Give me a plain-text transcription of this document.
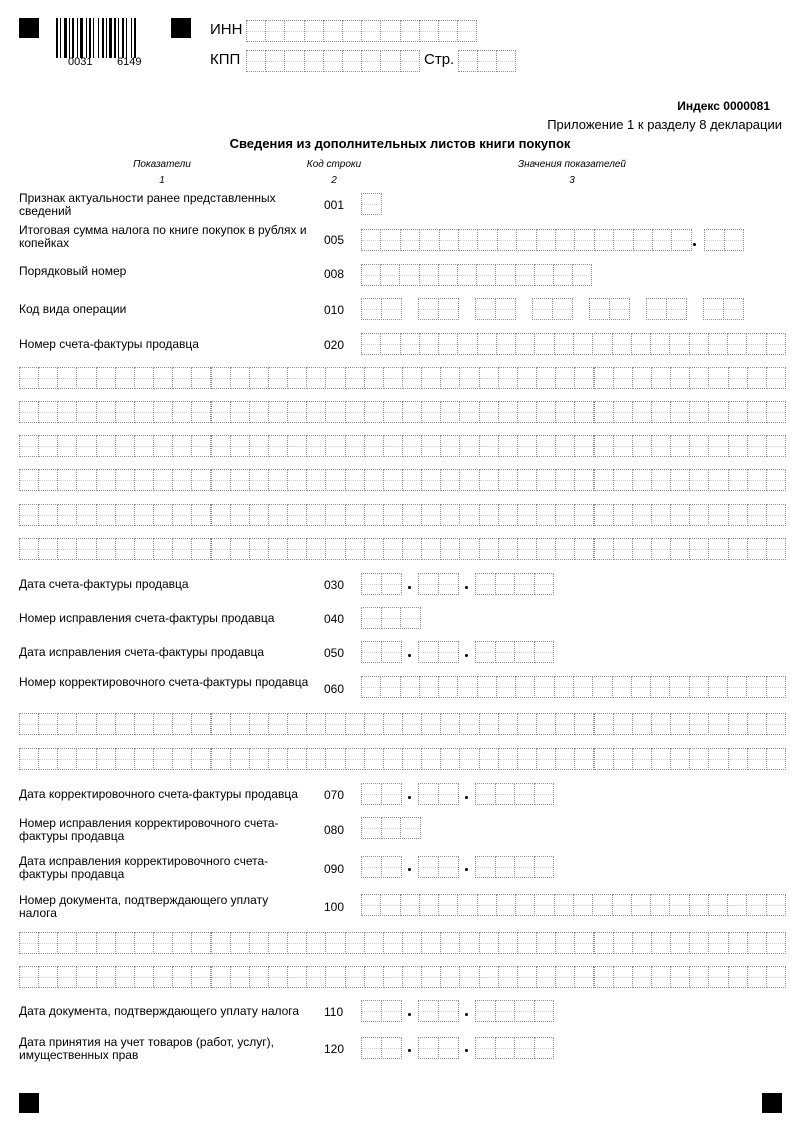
0031 6149
ИНН
КПП	Стр.
Индекс 0000081
Приложение 1 к разделу 8 декларации
Сведения из дополнительных листов книги покупок
Показатели	Код строки	Значения показателей
1	2	3
Признак актуальности ранее представленных сведений	001
Итоговая сумма налога по книге покупок в рублях и копейках	005
Порядковый номер	008
Код вида операции	010
Номер счета-фактуры продавца	020
Дата счета-фактуры продавца	030
Номер исправления счета-фактуры продавца	040
Дата исправления счета-фактуры продавца	050
Номер корректировочного счета-фактуры продавца 060
Дата корректировочного счета-фактуры продавца	070
Номер исправления корректировочного счета-фактуры продавца	080
Дата исправления корректировочного счета-фактуры продавца	090
Номер документа, подтверждающего уплату налога	100
Дата документа, подтверждающего уплату налога	110
Дата принятия на учет товаров (работ, услуг), имущественных прав	120
